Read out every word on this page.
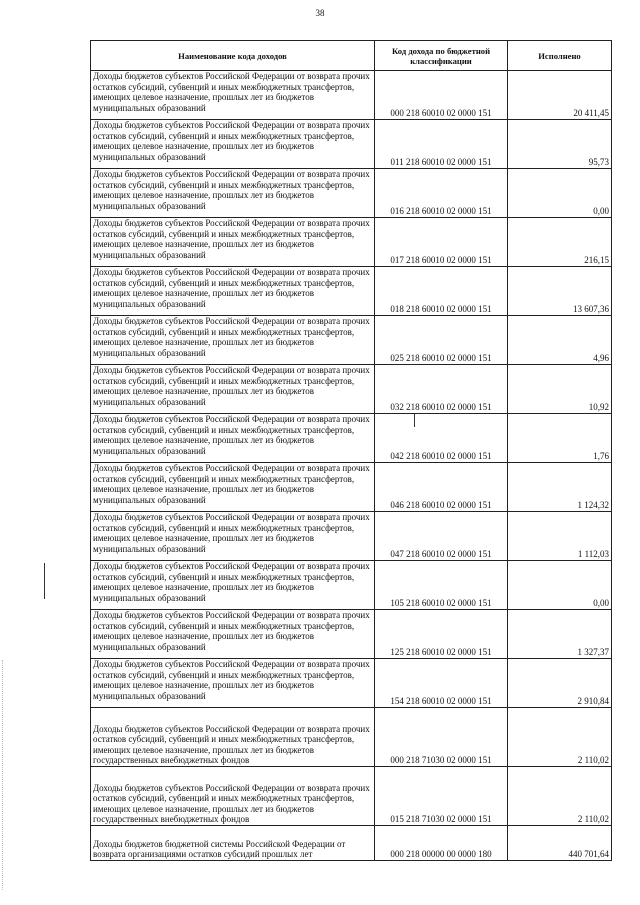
38
Наименование кода доходов	Код дохода по бюджетной классификации	Исполнено
Доходы бюджетов субъектов Российской Федерации от возврата прочих остатков субсидий, субвенций и иных межбюджетных трансфертов, имеющих целевое назначение, прошлых лет из бюджетов муниципальных образований	000 218 60010 02 0000 151	20 411,45
Доходы бюджетов субъектов Российской Федерации от возврата прочих остатков субсидий, субвенций и иных межбюджетных трансфертов, имеющих целевое назначение, прошлых лет из бюджетов муниципальных образований	011 218 60010 02 0000 151	95,73
Доходы бюджетов субъектов Российской Федерации от возврата прочих остатков субсидий, субвенций и иных межбюджетных трансфертов, имеющих целевое назначение, прошлых лет из бюджетов муниципальных образований	016 218 60010 02 0000 151	0,00
Доходы бюджетов субъектов Российской Федерации от возврата прочих остатков субсидий, субвенций и иных межбюджетных трансфертов, имеющих целевое назначение, прошлых лет из бюджетов муниципальных образований	017 218 60010 02 0000 151	216,15
Доходы бюджетов субъектов Российской Федерации от возврата прочих остатков субсидий, субвенций и иных межбюджетных трансфертов, имеющих целевое назначение, прошлых лет из бюджетов муниципальных образований	018 218 60010 02 0000 151	13 607,36
Доходы бюджетов субъектов Российской Федерации от возврата прочих остатков субсидий, субвенций и иных межбюджетных трансфертов, имеющих целевое назначение, прошлых лет из бюджетов муниципальных образований	025 218 60010 02 0000 151	4,96
Доходы бюджетов субъектов Российской Федерации от возврата прочих остатков субсидий, субвенций и иных межбюджетных трансфертов, имеющих целевое назначение, прошлых лет из бюджетов муниципальных образований	032 218 60010 02 0000 151	10,92
Доходы бюджетов субъектов Российской Федерации от возврата прочих остатков субсидий, субвенций и иных межбюджетных трансфертов, имеющих целевое назначение, прошлых лет из бюджетов муниципальных образований	042 218 60010 02 0000 151	1,76
Доходы бюджетов субъектов Российской Федерации от возврата прочих остатков субсидий, субвенций и иных межбюджетных трансфертов, имеющих целевое назначение, прошлых лет из бюджетов муниципальных образований	046 218 60010 02 0000 151	1 124,32
Доходы бюджетов субъектов Российской Федерации от возврата прочих остатков субсидий, субвенций и иных межбюджетных трансфертов, имеющих целевое назначение, прошлых лет из бюджетов муниципальных образований	047 218 60010 02 0000 151	1 112,03
Доходы бюджетов субъектов Российской Федерации от возврата прочих остатков субсидий, субвенций и иных межбюджетных трансфертов, имеющих целевое назначение, прошлых лет из бюджетов муниципальных образований	105 218 60010 02 0000 151	0,00
Доходы бюджетов субъектов Российской Федерации от возврата прочих остатков субсидий, субвенций и иных межбюджетных трансфертов, имеющих целевое назначение, прошлых лет из бюджетов муниципальных образований	125 218 60010 02 0000 151	1 327,37
Доходы бюджетов субъектов Российской Федерации от возврата прочих остатков субсидий, субвенций и иных межбюджетных трансфертов, имеющих целевое назначение, прошлых лет из бюджетов муниципальных образований	154 218 60010 02 0000 151	2 910,84
Доходы бюджетов субъектов Российской Федерации от возврата прочих остатков субсидий, субвенций и иных межбюджетных трансфертов, имеющих целевое назначение, прошлых лет из бюджетов государственных внебюджетных фондов	000 218 71030 02 0000 151	2 110,02
Доходы бюджетов субъектов Российской Федерации от возврата прочих остатков субсидий, субвенций и иных межбюджетных трансфертов, имеющих целевое назначение, прошлых лет из бюджетов государственных внебюджетных фондов	015 218 71030 02 0000 151	2 110,02
Доходы бюджетов бюджетной системы Российской Федерации от возврата организациями остатков субсидий прошлых лет	000 218 00000 00 0000 180	440 701,64
